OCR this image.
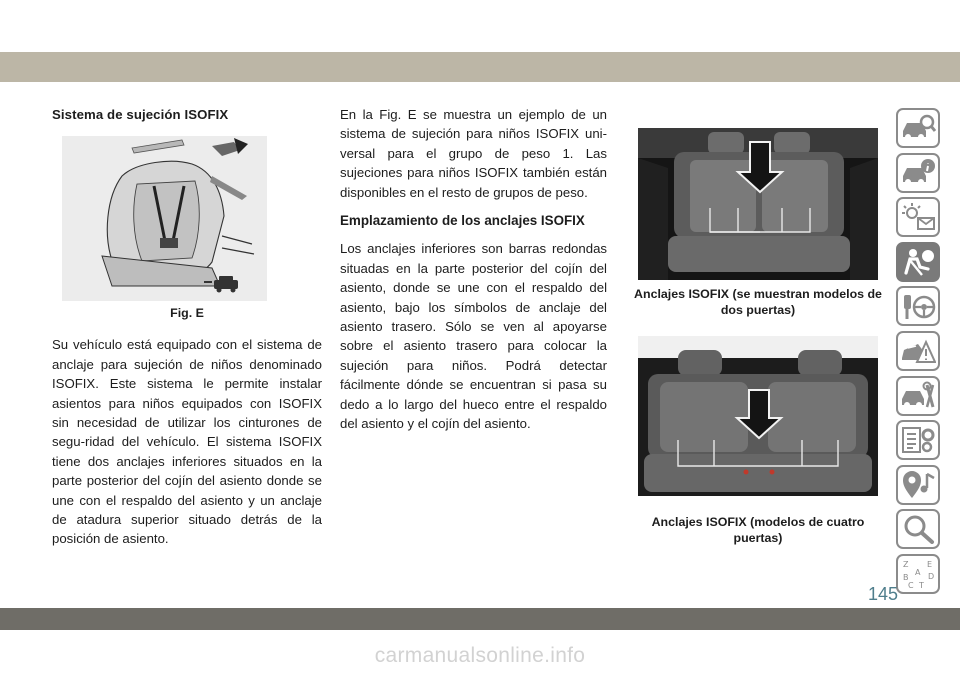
Sistema de sujeción ISOFIX
Fig. E

Su vehículo está equipado con el sistema de anclaje para sujeción de niños denominado ISOFIX. Este sistema le permite instalar asientos para niños equipados con ISOFIX sin necesidad de utilizar los cinturones de segu-ridad del vehículo. El sistema ISOFIX tiene dos anclajes inferiores situados en la parte posterior del cojín del asiento donde se une con el respaldo del asiento y un anclaje de atadura superior situado detrás de la posición de asiento.

En la Fig. E se muestra un ejemplo de un sistema de sujeción para niños ISOFIX uni-versal para el grupo de peso 1. Las sujeciones para niños ISOFIX también están disponibles en el resto de grupos de peso.

Emplazamiento de los anclajes ISOFIX

Los anclajes inferiores son barras redondas situadas en la parte posterior del cojín del asiento, donde se une con el respaldo del asiento, bajo los símbolos de anclaje del asiento trasero. Sólo se ven al apoyarse sobre el asiento trasero para colocar la sujeción para niños. Podrá detectar fácilmente dónde se encuentran si pasa su dedo a lo largo del hueco entre el respaldo del asiento y el cojín del asiento.

Anclajes ISOFIX (se muestran modelos de dos puertas)
Anclajes ISOFIX (modelos de cuatro puertas)
Z E
A
B D
C T
145
carmanualsonline.info
